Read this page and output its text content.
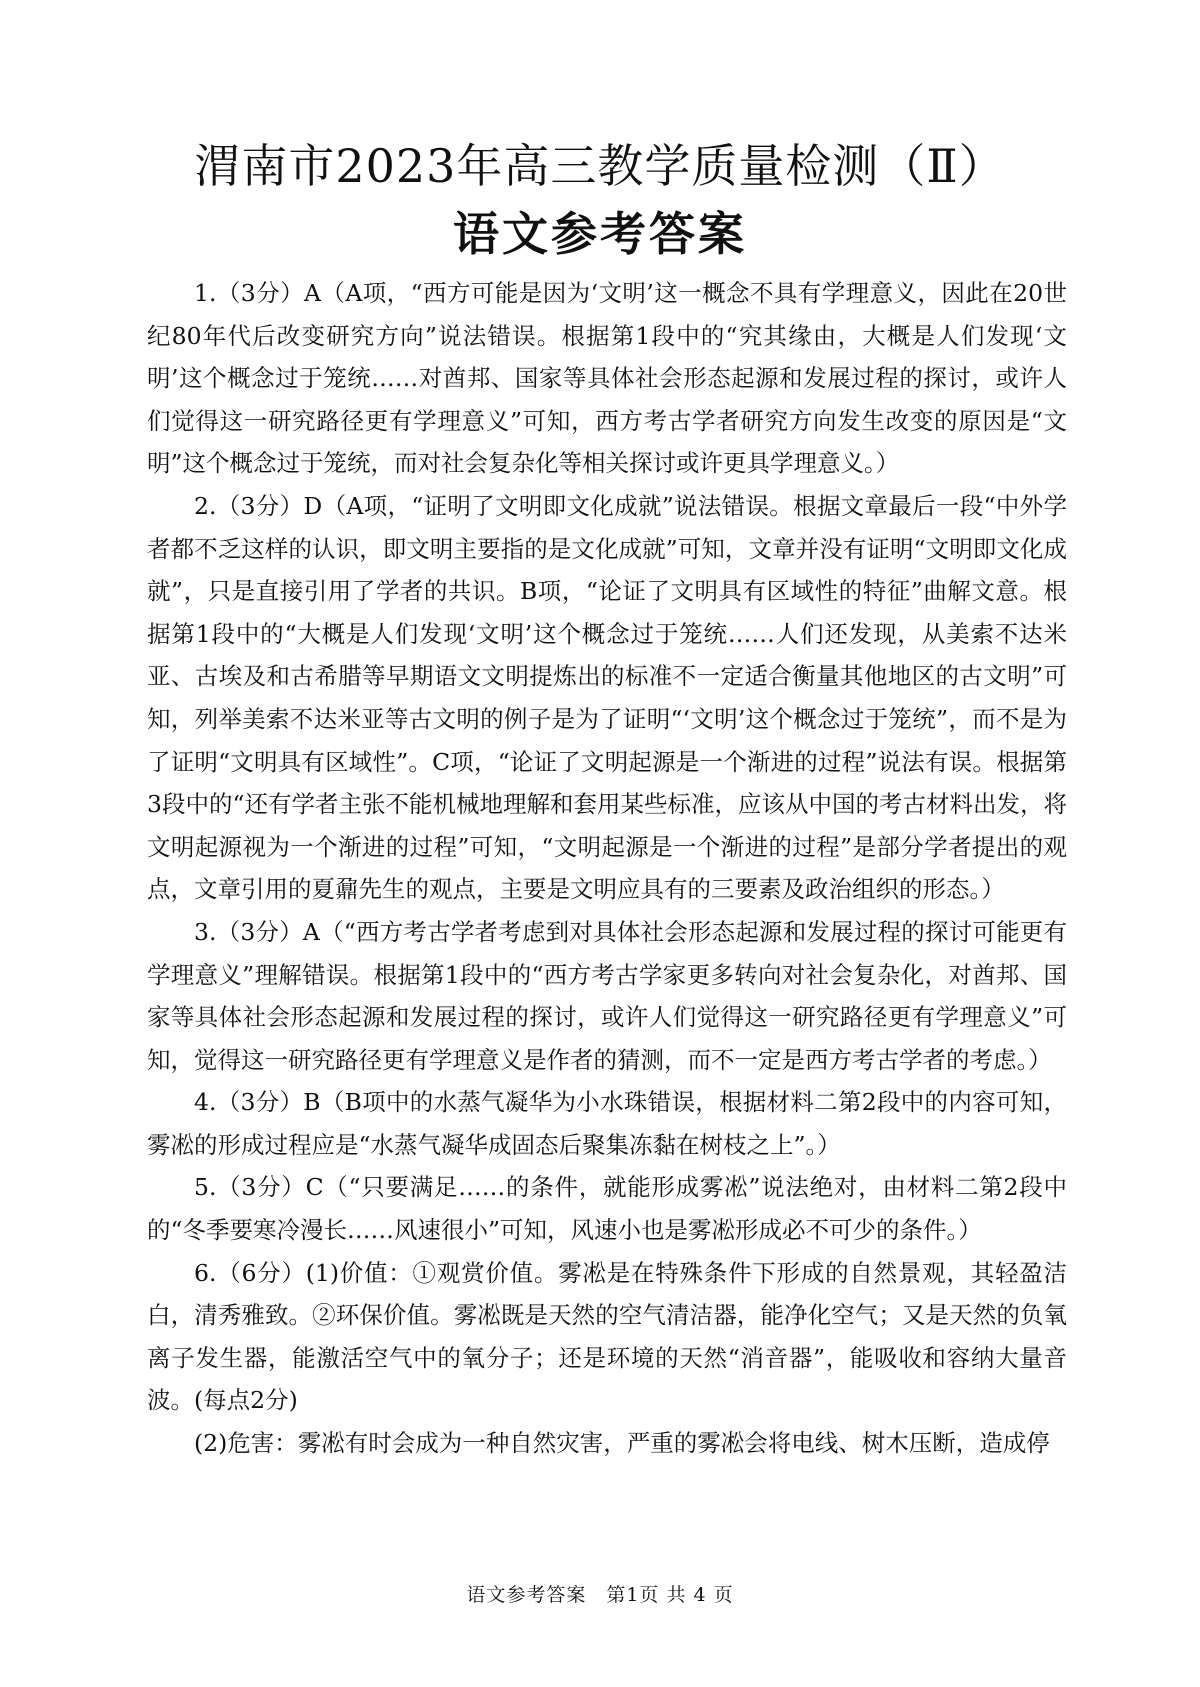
渭南市2023年高三教学质量检测（Ⅱ）
语文参考答案

1.（3分）A（A项，“西方可能是因为‘文明’这一概念不具有学理意义，因此在20世纪80年代后改变研究方向”说法错误。根据第1段中的“究其缘由，大概是人们发现‘文明’这个概念过于笼统……对酋邦、国家等具体社会形态起源和发展过程的探讨，或许人们觉得这一研究路径更有学理意义”可知，西方考古学者研究方向发生改变的原因是“文明”这个概念过于笼统，而对社会复杂化等相关探讨或许更具学理意义。）

2.（3分）D（A项，“证明了文明即文化成就”说法错误。根据文章最后一段“中外学者都不乏这样的认识，即文明主要指的是文化成就”可知，文章并没有证明“文明即文化成就”，只是直接引用了学者的共识。B项，“论证了文明具有区域性的特征”曲解文意。根据第1段中的“大概是人们发现‘文明’这个概念过于笼统……人们还发现，从美索不达米亚、古埃及和古希腊等早期语文文明提炼出的标准不一定适合衡量其他地区的古文明”可知，列举美索不达米亚等古文明的例子是为了证明“‘文明’这个概念过于笼统”，而不是为了证明“文明具有区域性”。C项，“论证了文明起源是一个渐进的过程”说法有误。根据第3段中的“还有学者主张不能机械地理解和套用某些标准，应该从中国的考古材料出发，将文明起源视为一个渐进的过程”可知，“文明起源是一个渐进的过程”是部分学者提出的观点，文章引用的夏鼐先生的观点，主要是文明应具有的三要素及政治组织的形态。）

3.（3分）A（“西方考古学者考虑到对具体社会形态起源和发展过程的探讨可能更有学理意义”理解错误。根据第1段中的“西方考古学家更多转向对社会复杂化，对酋邦、国家等具体社会形态起源和发展过程的探讨，或许人们觉得这一研究路径更有学理意义”可知，觉得这一研究路径更有学理意义是作者的猜测，而不一定是西方考古学者的考虑。）

4.（3分）B（B项中的水蒸气凝华为小水珠错误，根据材料二第2段中的内容可知，雾凇的形成过程应是“水蒸气凝华成固态后聚集冻黏在树枝之上”。）

5.（3分）C（“只要满足……的条件，就能形成雾凇”说法绝对，由材料二第2段中的“冬季要寒冷漫长……风速很小”可知，风速小也是雾凇形成必不可少的条件。）

6.（6分）(1)价值：①观赏价值。雾凇是在特殊条件下形成的自然景观，其轻盈洁白，清秀雅致。②环保价值。雾凇既是天然的空气清洁器，能净化空气；又是天然的负氧离子发生器，能激活空气中的氧分子；还是环境的天然“消音器”，能吸收和容纳大量音波。(每点2分)

(2)危害：雾凇有时会成为一种自然灾害，严重的雾凇会将电线、树木压断，造成停

语文参考答案　第1页 共 4 页
